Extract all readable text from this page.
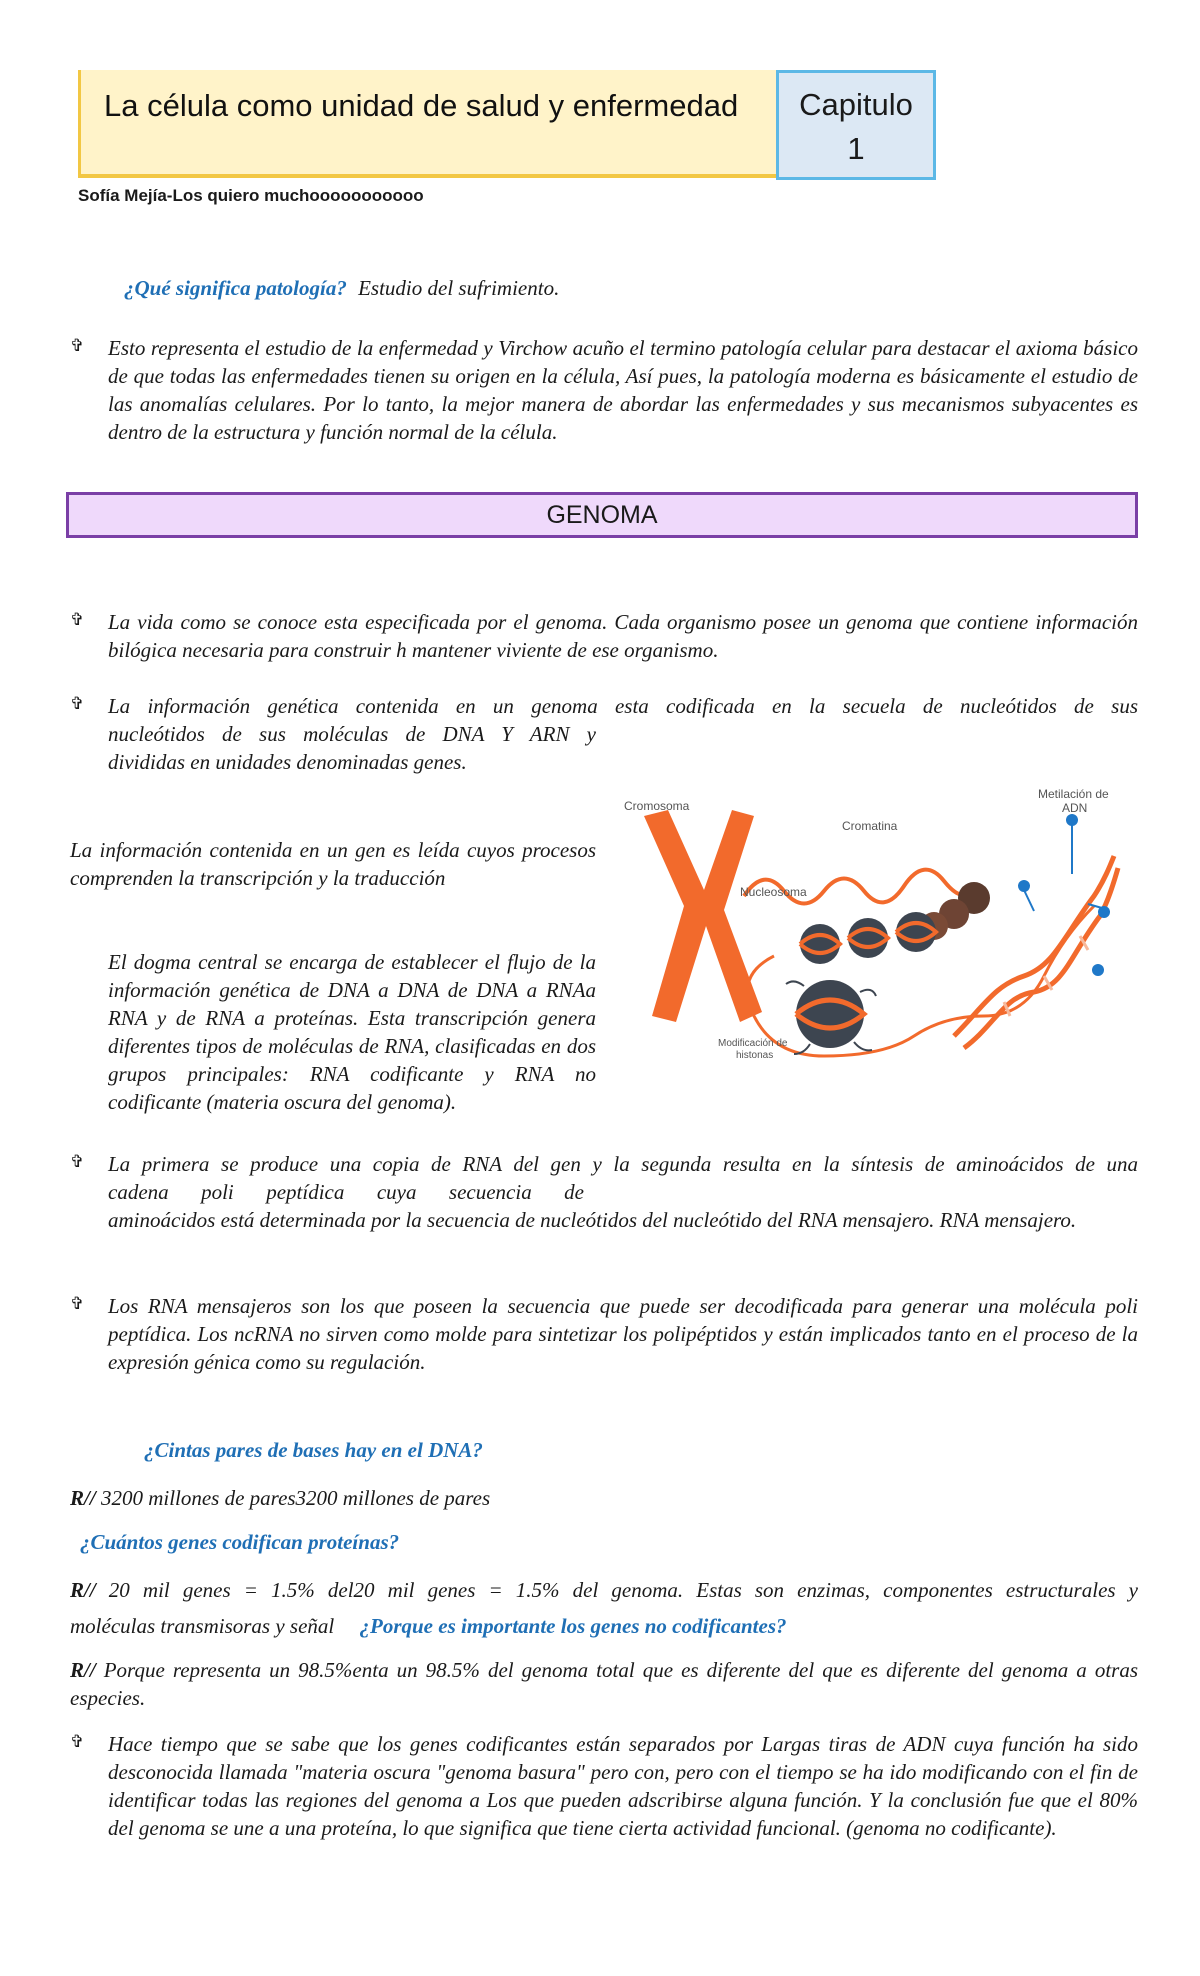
La célula como unidad de salud y enfermedad	Capitulo
1
Sofía Mejía-Los quiero muchooooooooooo
¿Qué significa patología? Estudio del sufrimiento.
✞ Esto representa el estudio de la enfermedad y Virchow acuño el termino patología celular para destacar el axioma básico de que todas las enfermedades tienen su origen en la célula, Así pues, la patología moderna es básicamente el estudio de las anomalías celulares. Por lo tanto, la mejor manera de abordar las enfermedades y sus mecanismos subyacentes es dentro de la estructura y función normal de la célula.
GENOMA
✞ La vida como se conoce esta especificada por el genoma. Cada organismo posee un genoma que contiene información bilógica necesaria para construir h mantener viviente de ese organismo.
✞ La información genética contenida en un genoma esta codificada en la secuela de nucleótidos de sus
nucleótidos de sus moléculas de DNA Y ARN y
divididas en unidades denominadas genes.
La información contenida en un gen es leída cuyos procesos comprenden la transcripción y la traducción
El dogma central se encarga de establecer el flujo de la información genética de DNA a DNA de DNA a RNAa RNA y de RNA a proteínas. Esta transcripción genera diferentes tipos de moléculas de RNA, clasificadas en dos grupos principales: RNA codificante y RNA no codificante (materia oscura del genoma).
Cromosoma
Cromatina
Metilación de
ADN
Nucleosoma
Modificación de
histonas
✞ La primera se produce una copia de RNA del gen y la segunda resulta en la síntesis de aminoácidos de una
cadena poli peptídica cuya secuencia de
aminoácidos está determinada por la secuencia de nucleótidos del nucleótido del RNA mensajero. RNA mensajero.
✞ Los RNA mensajeros son los que poseen la secuencia que puede ser decodificada para generar una molécula poli peptídica. Los ncRNA no sirven como molde para sintetizar los polipéptidos y están implicados tanto en el proceso de la expresión génica como su regulación.
¿Cintas pares de bases hay en el DNA?
R// 3200 millones de pares3200 millones de pares
¿Cuántos genes codifican proteínas?
R// 20 mil genes = 1.5% del20 mil genes = 1.5% del genoma. Estas son enzimas, componentes estructurales y
moléculas transmisoras y señal ¿Porque es importante los genes no codificantes?
R// Porque representa un 98.5%enta un 98.5% del genoma total que es diferente del que es diferente del genoma a otras especies.
✞ Hace tiempo que se sabe que los genes codificantes están separados por Largas tiras de ADN cuya función ha sido desconocida llamada "materia oscura "genoma basura" pero con, pero con el tiempo se ha ido modificando con el fin de identificar todas las regiones del genoma a Los que pueden adscribirse alguna función. Y la conclusión fue que el 80% del genoma se une a una proteína, lo que significa que tiene cierta actividad funcional. (genoma no codificante).
